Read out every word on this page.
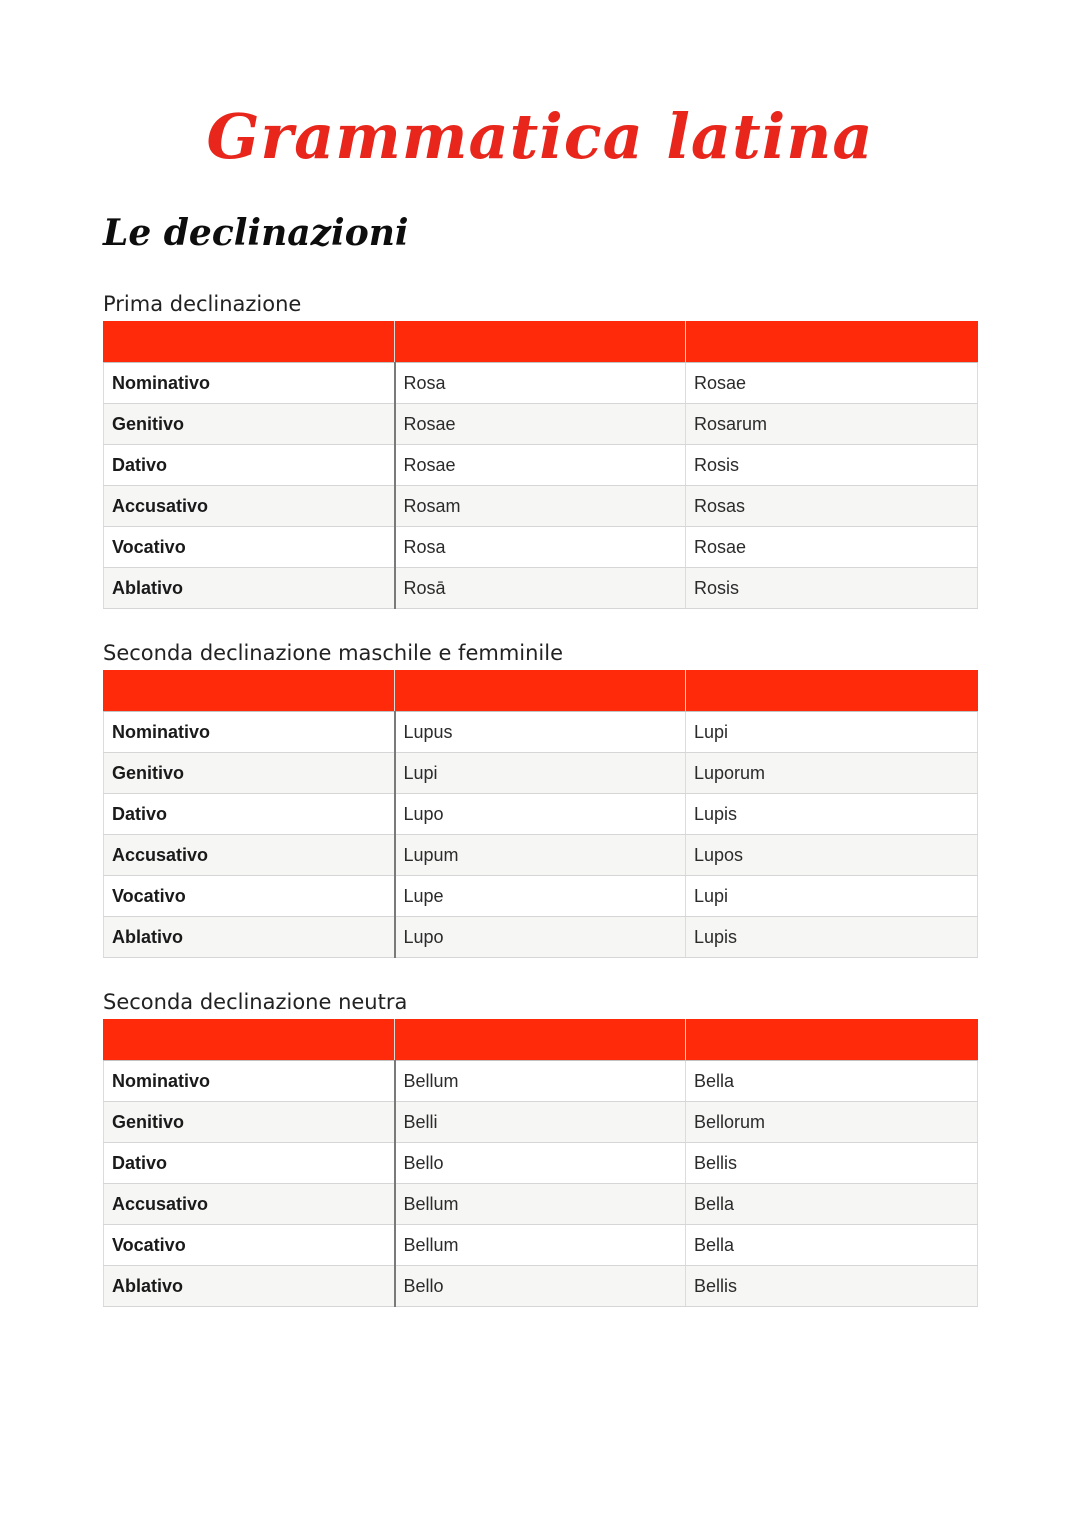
Grammatica latina
Le declinazioni
Prima declinazione

Nominativo	Rosa	Rosae
Genitivo	Rosae	Rosarum
Dativo	Rosae	Rosis
Accusativo	Rosam	Rosas
Vocativo	Rosa	Rosae
Ablativo	Rosā	Rosis
Seconda declinazione maschile e femminile

Nominativo	Lupus	Lupi
Genitivo	Lupi	Luporum
Dativo	Lupo	Lupis
Accusativo	Lupum	Lupos
Vocativo	Lupe	Lupi
Ablativo	Lupo	Lupis
Seconda declinazione neutra

Nominativo	Bellum	Bella
Genitivo	Belli	Bellorum
Dativo	Bello	Bellis
Accusativo	Bellum	Bella
Vocativo	Bellum	Bella
Ablativo	Bello	Bellis
